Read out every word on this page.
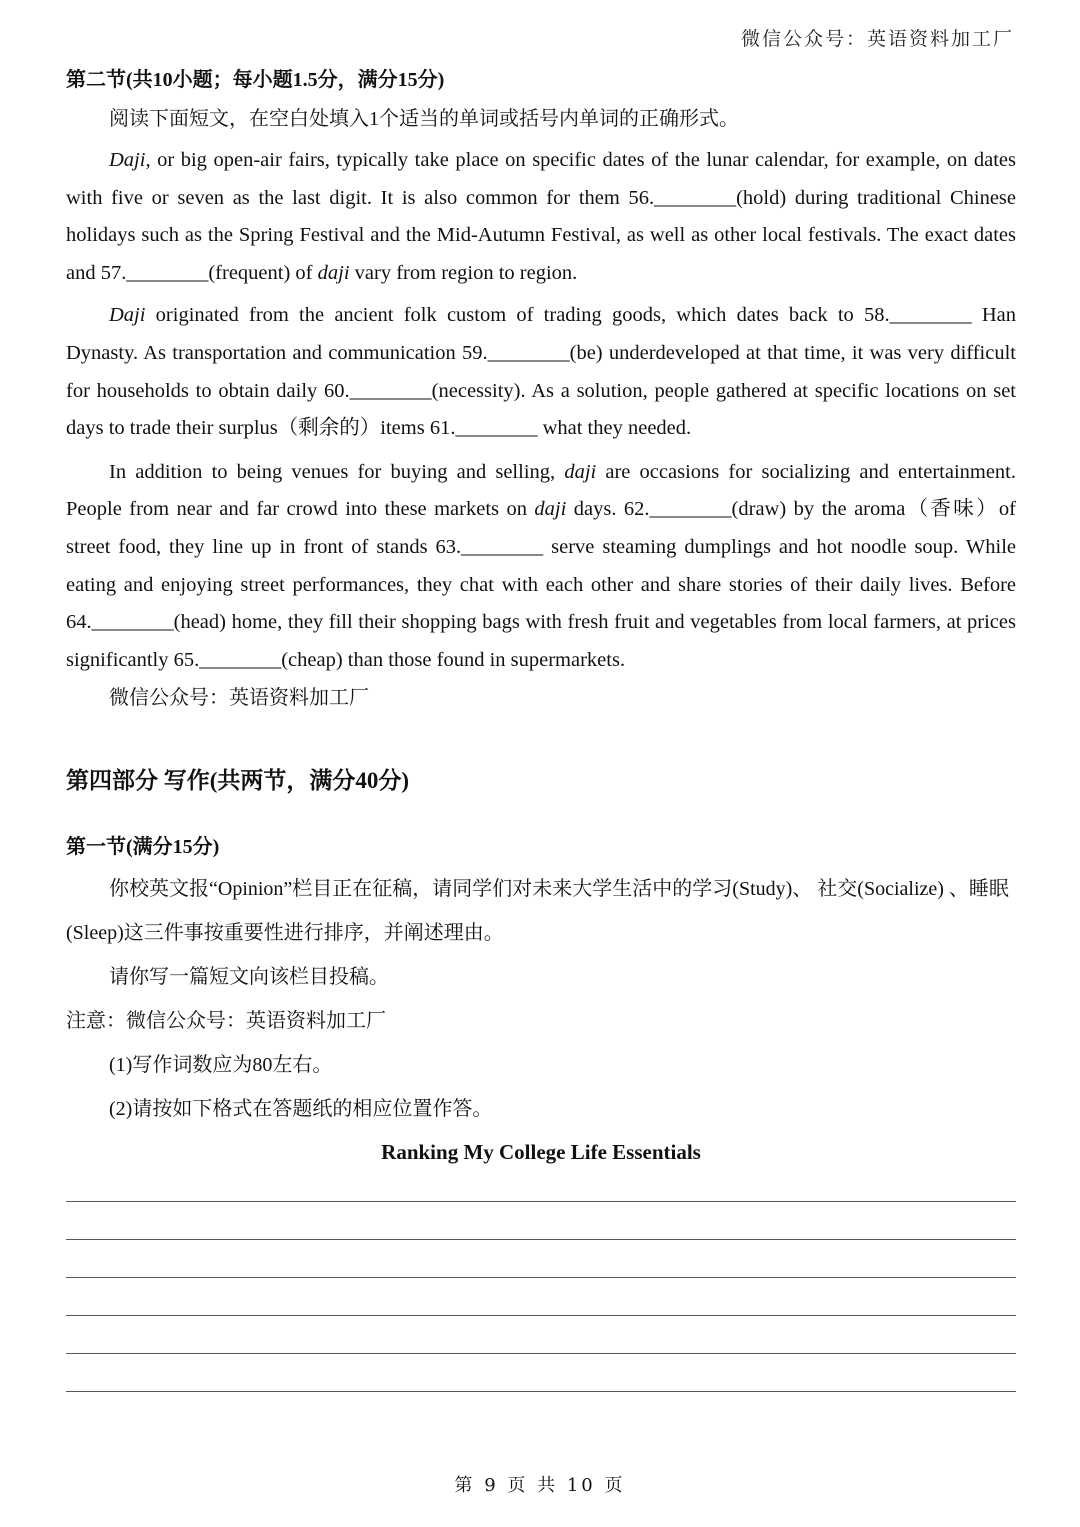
微信公众号：英语资料加工厂
第二节(共10小题；每小题1.5分，满分15分)

阅读下面短文，在空白处填入1个适当的单词或括号内单词的正确形式。

Daji, or big open-air fairs, typically take place on specific dates of the lunar calendar, for example, on dates with five or seven as the last digit. It is also common for them 56.________(hold) during traditional Chinese holidays such as the Spring Festival and the Mid-Autumn Festival, as well as other local festivals. The exact dates and 57.________(frequent) of daji vary from region to region.

Daji originated from the ancient folk custom of trading goods, which dates back to 58.________ Han Dynasty. As transportation and communication 59.________(be) underdeveloped at that time, it was very difficult for households to obtain daily 60.________(necessity). As a solution, people gathered at specific locations on set days to trade their surplus（剩余的）items 61.________ what they needed.

In addition to being venues for buying and selling, daji are occasions for socializing and entertainment. People from near and far crowd into these markets on daji days. 62.________(draw) by the aroma（香味）of street food, they line up in front of stands 63.________ serve steaming dumplings and hot noodle soup. While eating and enjoying street performances, they chat with each other and share stories of their daily lives. Before 64.________(head) home, they fill their shopping bags with fresh fruit and vegetables from local farmers, at prices significantly 65.________(cheap) than those found in supermarkets.

微信公众号：英语资料加工厂

第四部分 写作(共两节，满分40分)
第一节(满分15分)

你校英文报“Opinion”栏目正在征稿，请同学们对未来大学生活中的学习(Study)、 社交(Socialize) 、睡眠(Sleep)这三件事按重要性进行排序，并阐述理由。

请你写一篇短文向该栏目投稿。

注意：微信公众号：英语资料加工厂

(1)写作词数应为80左右。

(2)请按如下格式在答题纸的相应位置作答。

Ranking My College Life Essentials
第 9 页 共 10 页
